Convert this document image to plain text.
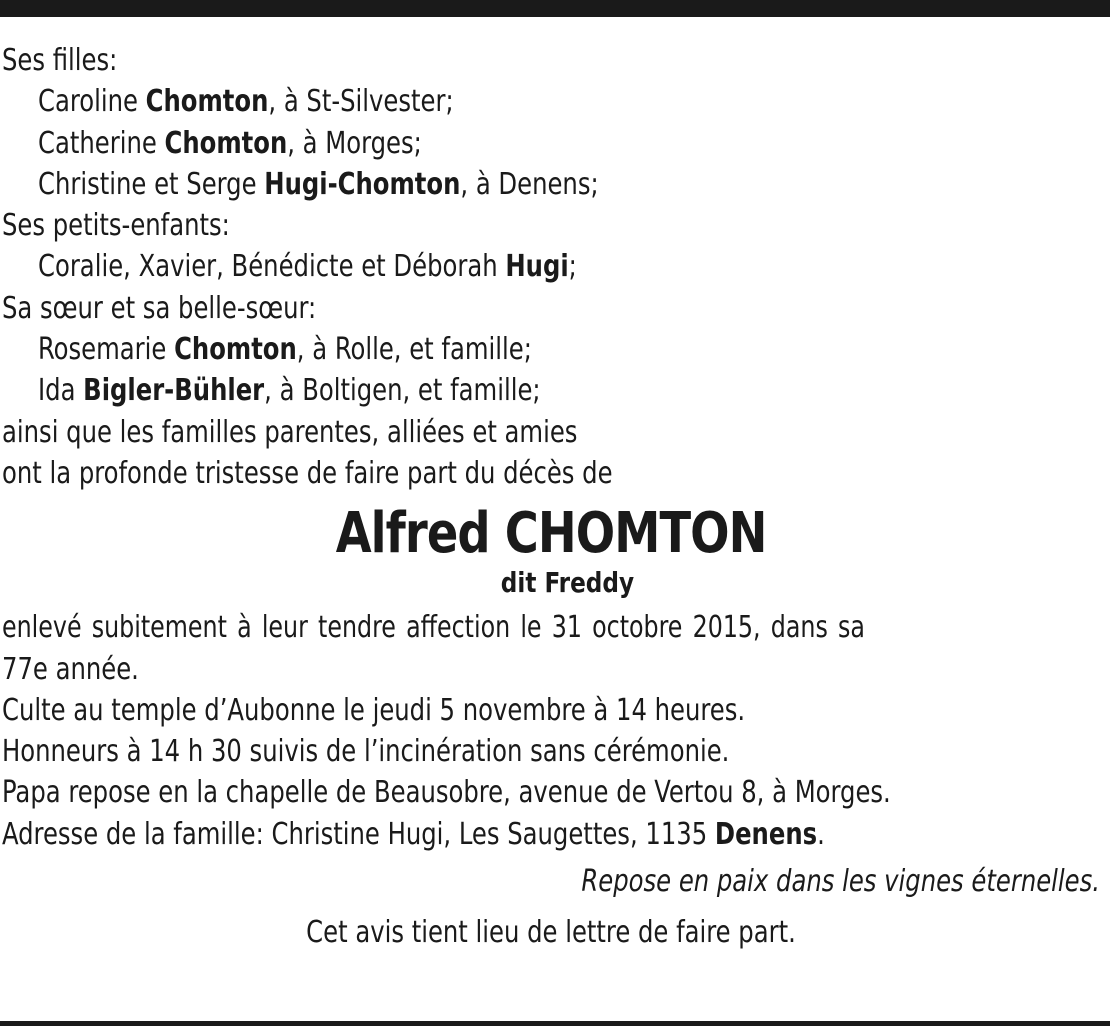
Ses filles:
Caroline Chomton, à St-Silvester;
Catherine Chomton, à Morges;
Christine et Serge Hugi-Chomton, à Denens;
Ses petits-enfants:
Coralie, Xavier, Bénédicte et Déborah Hugi;
Sa sœur et sa belle-sœur:
Rosemarie Chomton, à Rolle, et famille;
Ida Bigler-Bühler, à Boltigen, et famille;
ainsi que les familles parentes, alliées et amies
ont la profonde tristesse de faire part du décès de
Alfred CHOMTON
dit Freddy
enlevé subitement à leur tendre affection le 31 octobre 2015, dans sa
77e année.
Culte au temple d’Aubonne le jeudi 5 novembre à 14 heures.
Honneurs à 14 h 30 suivis de l’incinération sans cérémonie.
Papa repose en la chapelle de Beausobre, avenue de Vertou 8, à Morges.
Adresse de la famille: Christine Hugi, Les Saugettes, 1135 Denens.
Repose en paix dans les vignes éternelles.
Cet avis tient lieu de lettre de faire part.
